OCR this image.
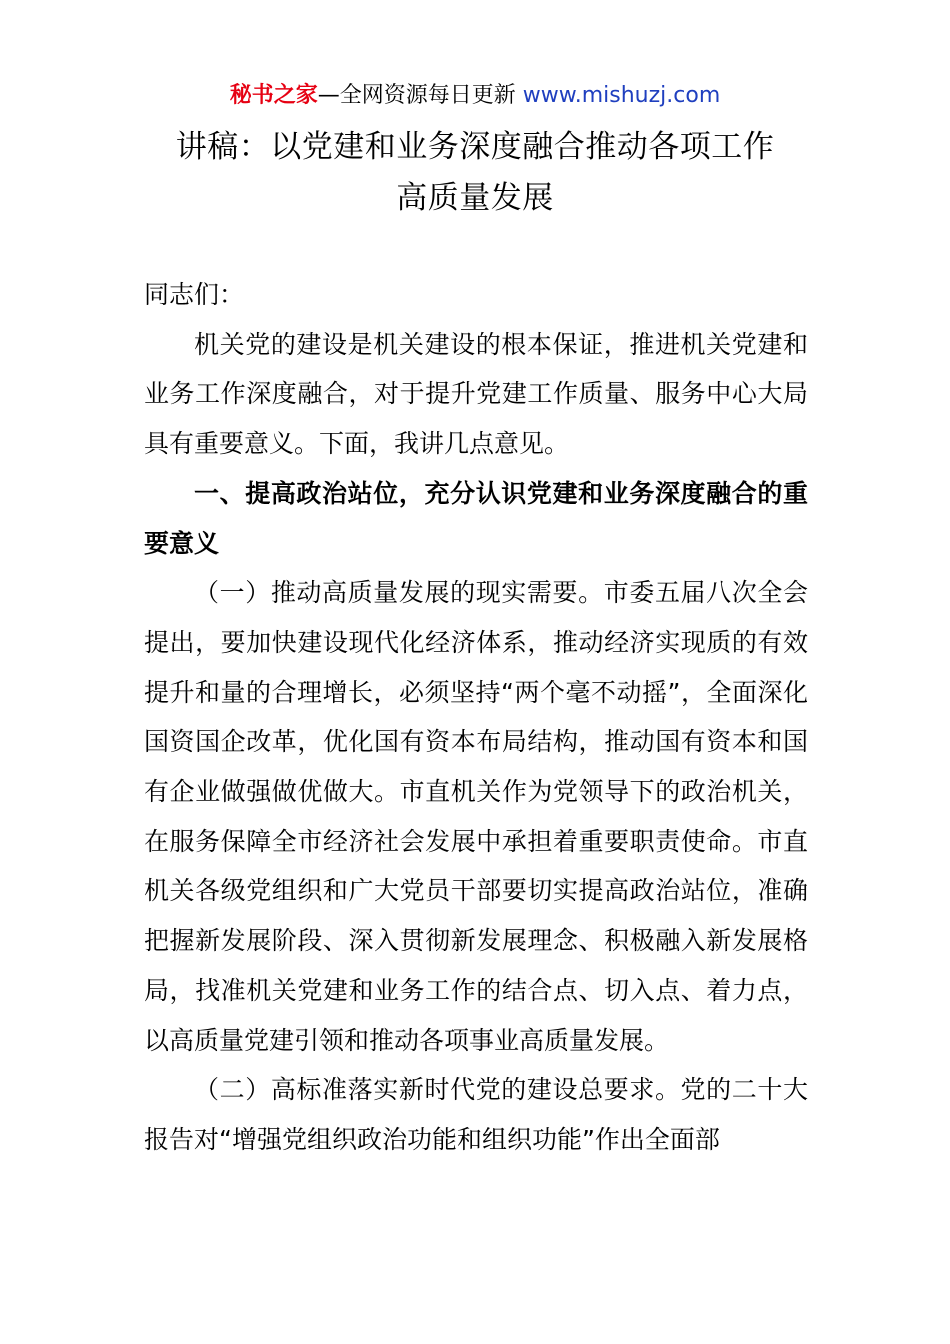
秘书之家—全网资源每日更新 www.mishuzj.com
讲稿：以党建和业务深度融合推动各项工作
高质量发展

同志们：

机关党的建设是机关建设的根本保证，推进机关党建和业务工作深度融合，对于提升党建工作质量、服务中心大局具有重要意义。下面，我讲几点意见。

一、提高政治站位，充分认识党建和业务深度融合的重要意义

（一）推动高质量发展的现实需要。市委五届八次全会提出，要加快建设现代化经济体系，推动经济实现质的有效提升和量的合理增长，必须坚持“两个毫不动摇”，全面深化国资国企改革，优化国有资本布局结构，推动国有资本和国有企业做强做优做大。市直机关作为党领导下的政治机关，在服务保障全市经济社会发展中承担着重要职责使命。市直机关各级党组织和广大党员干部要切实提高政治站位，准确把握新发展阶段、深入贯彻新发展理念、积极融入新发展格局，找准机关党建和业务工作的结合点、切入点、着力点，以高质量党建引领和推动各项事业高质量发展。

（二）高标准落实新时代党的建设总要求。党的二十大报告对“增强党组织政治功能和组织功能”作出全面部
